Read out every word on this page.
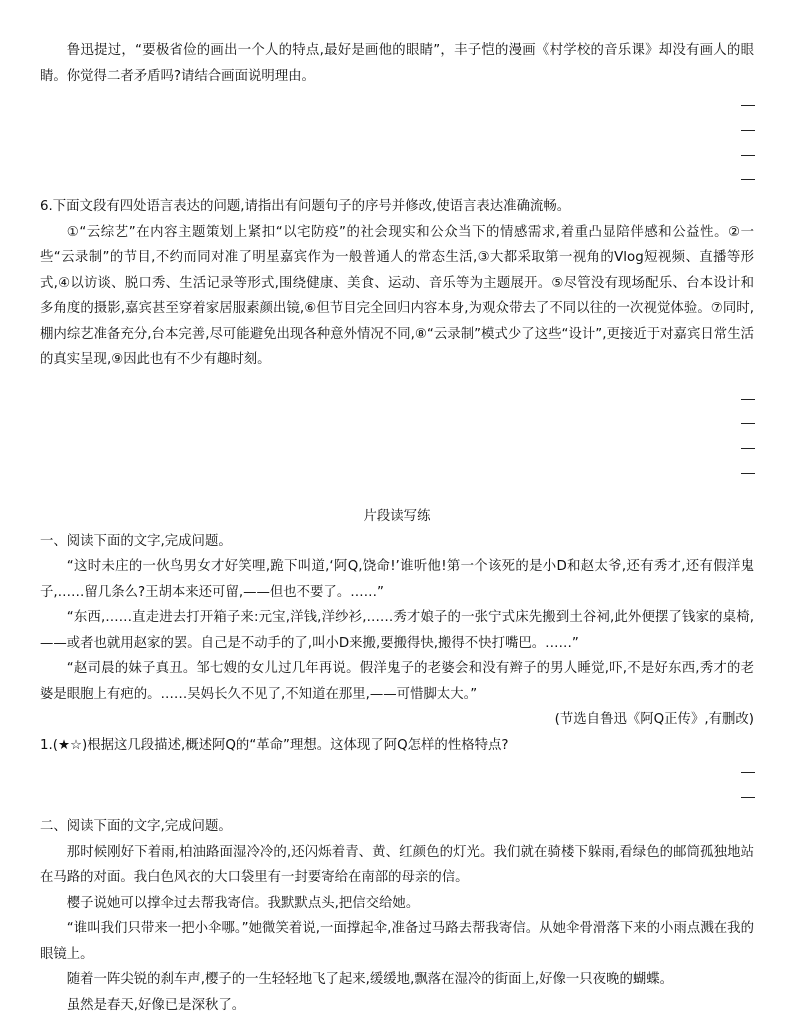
鲁迅提过，“要极省俭的画出一个人的特点,最好是画他的眼睛”，丰子恺的漫画《村学校的音乐课》却没有画人的眼睛。你觉得二者矛盾吗?请结合画面说明理由。

6.下面文段有四处语言表达的问题,请指出有问题句子的序号并修改,使语言表达准确流畅。

①“云综艺”在内容主题策划上紧扣“以宅防疫”的社会现实和公众当下的情感需求,着重凸显陪伴感和公益性。②一些“云录制”的节目,不约而同对准了明星嘉宾作为一般普通人的常态生活,③大都采取第一视角的Vlog短视频、直播等形式,④以访谈、脱口秀、生活记录等形式,围绕健康、美食、运动、音乐等为主题展开。⑤尽管没有现场配乐、台本设计和多角度的摄影,嘉宾甚至穿着家居服素颜出镜,⑥但节目完全回归内容本身,为观众带去了不同以往的一次视觉体验。⑦同时,棚内综艺准备充分,台本完善,尽可能避免出现各种意外情况不同,⑧“云录制”模式少了这些“设计”,更接近于对嘉宾日常生活的真实呈现,⑨因此也有不少有趣时刻。

片段读写练

一、阅读下面的文字,完成问题。

“这时未庄的一伙鸟男女才好笑哩,跪下叫道,‘阿Q,饶命!’谁听他!第一个该死的是小D和赵太爷,还有秀才,还有假洋鬼子,……留几条么?王胡本来还可留,——但也不要了。……”

“东西,……直走进去打开箱子来:元宝,洋钱,洋纱衫,……秀才娘子的一张宁式床先搬到土谷祠,此外便摆了钱家的桌椅,——或者也就用赵家的罢。自己是不动手的了,叫小D来搬,要搬得快,搬得不快打嘴巴。……”

“赵司晨的妹子真丑。邹七嫂的女儿过几年再说。假洋鬼子的老婆会和没有辫子的男人睡觉,吓,不是好东西,秀才的老婆是眼胞上有疤的。……吴妈长久不见了,不知道在那里,——可惜脚太大。”

(节选自鲁迅《阿Q正传》,有删改)

1.(★☆)根据这几段描述,概述阿Q的“革命”理想。这体现了阿Q怎样的性格特点?

二、阅读下面的文字,完成问题。

那时候刚好下着雨,柏油路面湿冷冷的,还闪烁着青、黄、红颜色的灯光。我们就在骑楼下躲雨,看绿色的邮筒孤独地站在马路的对面。我白色风衣的大口袋里有一封要寄给在南部的母亲的信。

樱子说她可以撑伞过去帮我寄信。我默默点头,把信交给她。

“谁叫我们只带来一把小伞哪。”她微笑着说,一面撑起伞,准备过马路去帮我寄信。从她伞骨滑落下来的小雨点溅在我的眼镜上。

随着一阵尖锐的刹车声,樱子的一生轻轻地飞了起来,缓缓地,飘落在湿冷的街面上,好像一只夜晚的蝴蝶。

虽然是春天,好像已是深秋了。
